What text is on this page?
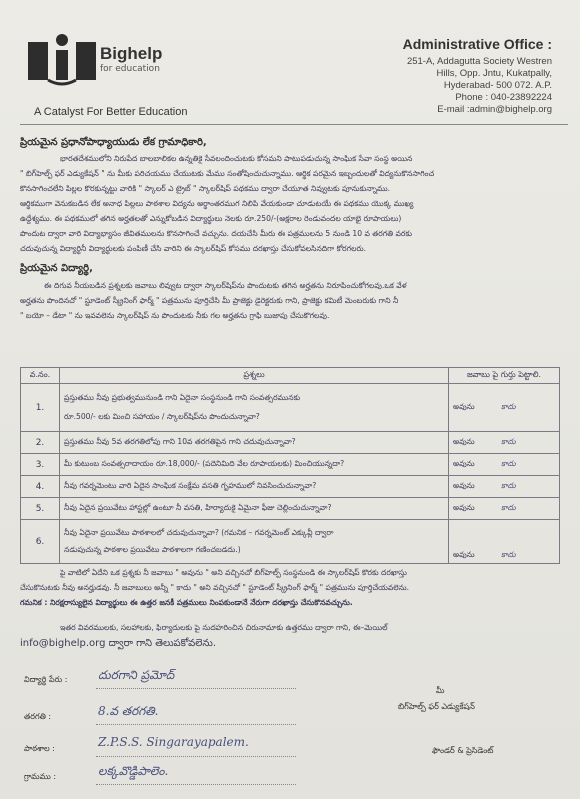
Bighelp
for education
A Catalyst For Better Education
Administrative Office :
251-A, Addagutta Society Westren
Hills, Opp. Jntu, Kukatpally,
Hyderabad- 500 072. A.P.
Phone : 040-23892224
E-mail :admin@bighelp.org
ప్రియమైన ప్రధానోపాధ్యాయుడు లేక గ్రామాధికారి,
భారతదేశములోని నిరుపేద బాలబాలికల ఉన్నతికై సేవలందించుటకు కోసమని పాటుపడుచున్న సాంఘిక సేవా సంస్థ అయిన
" బిగ్‌హెల్ప్ ఫర్ ఎడ్యుకేషన్ " ను మీకు పరిచయము చేయుటకు మేము సంతోషించుచున్నాము. ఆర్థిక పరమైన ఇబ్బందులతో విద్యనుకొనసాగించ
కొనసాగించలేని పిల్లల కొరకున్నట్టు వారికి " స్కాలర్ ఎ ట్రైబ్ " స్కాలర్‌షిప్ పథకము ద్వారా చేయూత నివ్వుటకు పూనుకున్నాము.
ఆర్థికముగా వెనుకబడిన లేక అనాధ పిల్లలు పాఠశాల విద్యను అర్థాంతరముగ నిలిపి వేయకుండా చూడుటయే ఈ పథకము యొక్క ముఖ్య
ఉద్దేశ్యము. ఈ పథకములో తగిన అర్హతలతో ఎన్నుకోబడిన విద్యార్థులు నెలకు రూ.250/-(అక్షరాల రెండువందల యాభై రూపాయలు)
పొందుట ద్వారా వారి విద్యాభ్యాసం జీవితములను కొనసాగించే వచ్చును. దయచేసి మీరు ఈ పత్రములను 5 నుండి 10 వ తరగతి వరకు
చదువుచున్న విద్యార్థినీ విద్యార్థులకు పంపిణీ చేసి వారిని ఈ స్కాలర్‌షిప్ కోసము దరఖాస్తు చేసుకోవలసినదిగా కోరగలరు.
ప్రియమైన విద్యార్థి,
ఈ దిగువ నీయబడిన ప్రశ్నలకు జవాబు లివ్వుట ద్వారా స్కాలర్‌షిప్‌ను పొందుటకు తగిన అర్హతను నిరూపించుకోగలవు.ఒక వేళ
అర్హతను పొందినచో " స్టూడెంట్ స్క్రీనింగ్ ఫార్మ్ " పత్రమును పూర్తిచేసి మీ ప్రాజెక్టు డైరెక్టరుకు గాని, ప్రాజెక్టు కమిటీ మెంబరుకు గాని నీ
" బయో – డేటా " ను ఇవవలెను స్కాలర్‌షిప్ ను పొందుటకు నీకు గల అర్హతను గ్రాఫి బుజాపు చేసుకొగలవు.
వ.నం.	ప్రశ్నలు	జవాబు పై గుర్తు పెట్టాలి.
1.	ప్రస్తుతము నీవు ప్రభుత్వమునుండి గాని ఏదైనా సంస్థనుండి గాని సంవత్సరమునకు
రూ.500/- లకు మించి సహాయం / స్కాలర్‌షిప్‌ను పొందుచున్నావా?	అవును కాదు
2.	ప్రస్తుతము నీవు 5వ తరగతిలోపు గాని 10వ తరగతిపైన గాని చదువుచున్నావా?	అవును కాదు
3.	మీ కుటుంబ సంవత్సరాదాయం రూ.18,000/- (పదెనిమిది వేల రూపాయలకు) మించియున్నదా?	అవును కాదు
4.	నీవు గవర్నమెంటు వారి ఏదైన సాంఘిక సంక్షేమ వసతి గృహములో నివసించుచున్నావా?	అవును కాదు
5.	నీవు ఏదైన ప్రయివేటు హాస్టల్లో ఉంటూ నీ వసతి, హిర్యాదుకై ఏమైనా ఫీజు చెల్లించుచున్నావా?	అవును కాదు
6.	నీవు ఏదైనా ప్రయివేటు పాఠశాలలో చదువుచున్నావా? (గమనిక – గవర్నమెంట్ ఎక్కువ్లీ ద్వారా
నడుపుచున్న పాఠశాల ప్రయివేటు పాఠశాలగా గణించబడదు.)	అవును కాదు
పై వాటిలో ఏదేని ఒక ప్రశ్నకు నీ జవాబు " అవును " అని వచ్చినచో బిగ్‌హెల్ప్ సంస్థనుండి ఈ స్కాలర్‌షిప్ కొరకు దరఖాస్తు
చేసుకొనుటకు నీవు అనర్హుడవు. నీ జవాబులు అన్నీ " కాదు " అని వచ్చినచో " స్టూడెంట్ స్క్రీనింగ్ ఫార్మ్ " పత్రమును పూర్తిచేయవలెను.
గమనిక : నిరక్షరాస్యులైన విద్యార్థులు ఈ ఉత్తర జనకీ పత్రములు నింపకుండానే నేరుగా దరఖాస్తు చేసుకొనవచ్చును.
ఇతర వివరములకు, సలహాలకు, ఫిర్యాదులకు పై నుదహరించిన చిరునామాకు ఉత్తరము ద్వారా గాని, ఈ–మెయిల్
info@bighelp.org ద్వారా గాని తెలుపకోవలెను.
విద్యార్థి పేరు :	దురగాని ప్రమోద్
తరగతి :	8.వ తరగతి.
పాఠశాల :	Z.P.S.S. Singarayapalem.
గ్రామము :	లక్కవొడ్డిపాలెం.
మీ
బిగ్‌హెల్ప్ ఫర్ ఎడ్యుకేషన్
ఫౌండర్ & ప్రెసిడెంట్
